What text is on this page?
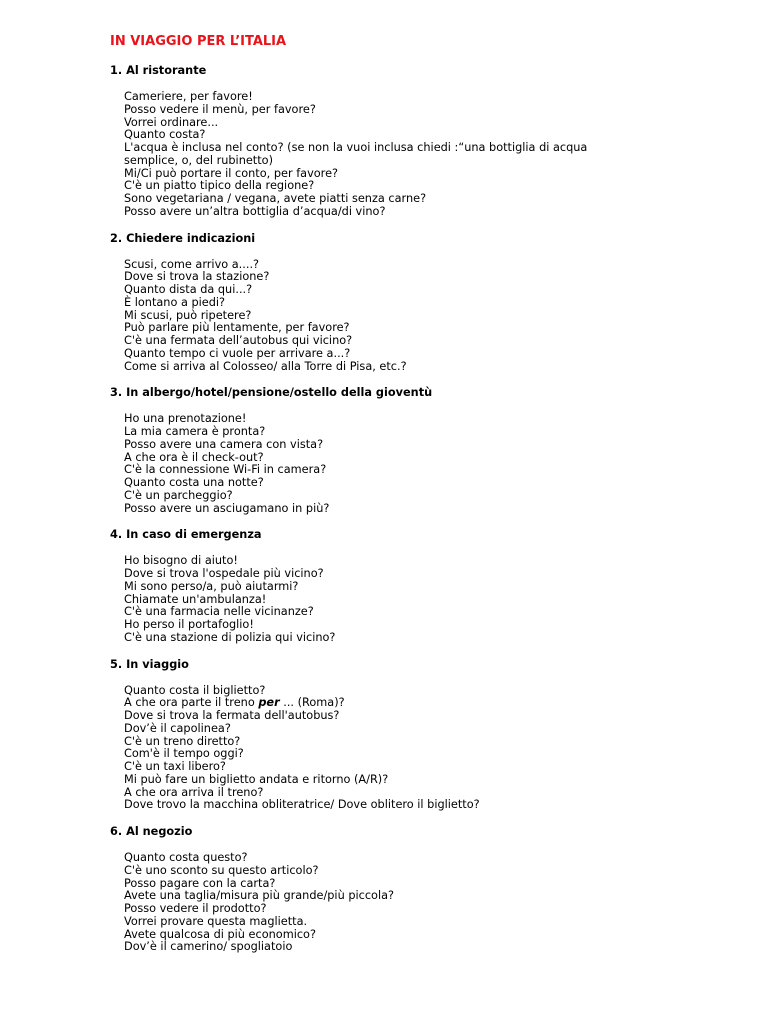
IN VIAGGIO PER L’ITALIA
1. Al ristorante
Cameriere, per favore!
Posso vedere il menù, per favore?
Vorrei ordinare...
Quanto costa?
L'acqua è inclusa nel conto? (se non la vuoi inclusa chiedi :“una bottiglia di acqua semplice, o, del rubinetto)
Mi/Ci può portare il conto, per favore?
C'è un piatto tipico della regione?
Sono vegetariana / vegana, avete piatti senza carne?
Posso avere un’altra bottiglia d’acqua/di vino?
2. Chiedere indicazioni
Scusi, come arrivo a....?
Dove si trova la stazione?
Quanto dista da qui...?
È lontano a piedi?
Mi scusi, può ripetere?
Può parlare più lentamente, per favore?
C'è una fermata dell’autobus qui vicino?
Quanto tempo ci vuole per arrivare a...?
Come si arriva al Colosseo/ alla Torre di Pisa, etc.?
3. In albergo/hotel/pensione/ostello della gioventù
Ho una prenotazione!
La mia camera è pronta?
Posso avere una camera con vista?
A che ora è il check-out?
C'è la connessione Wi-Fi in camera?
Quanto costa una notte?
C'è un parcheggio?
Posso avere un asciugamano in più?
4. In caso di emergenza
Ho bisogno di aiuto!
Dove si trova l'ospedale più vicino?
Mi sono perso/a, può aiutarmi?
Chiamate un'ambulanza!
C'è una farmacia nelle vicinanze?
Ho perso il portafoglio!
C'è una stazione di polizia qui vicino?
5. In viaggio
Quanto costa il biglietto?
A che ora parte il treno per ... (Roma)?
Dove si trova la fermata dell'autobus?
Dov’è il capolinea?
C'è un treno diretto?
Com'è il tempo oggi?
C'è un taxi libero?
Mi può fare un biglietto andata e ritorno (A/R)?
A che ora arriva il treno?
Dove trovo la macchina obliteratrice/ Dove oblitero il biglietto?
6. Al negozio
Quanto costa questo?
C'è uno sconto su questo articolo?
Posso pagare con la carta?
Avete una taglia/misura più grande/più piccola?
Posso vedere il prodotto?
Vorrei provare questa maglietta.
Avete qualcosa di più economico?
Dov’è il camerino/ spogliatoio
